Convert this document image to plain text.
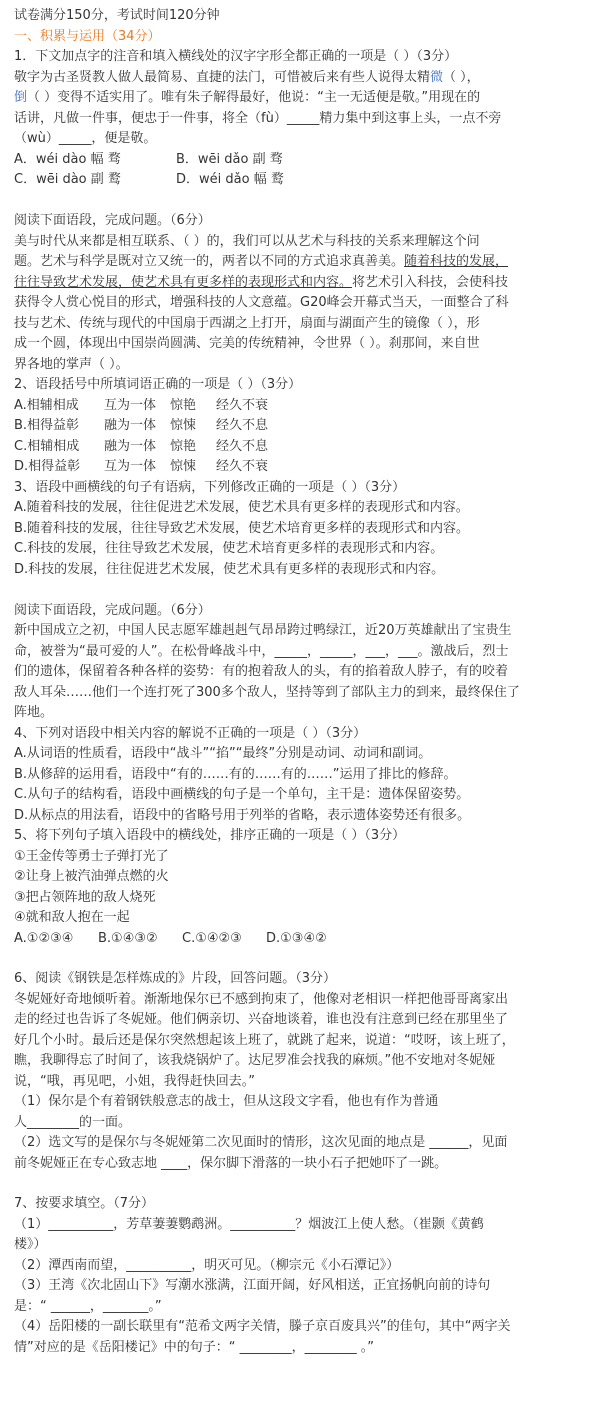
试卷满分150分，考试时间120分钟
一、积累与运用（34分）
1．下文加点字的注音和填入横线处的汉字字形全都正确的一项是（ ）（3分）
敬字为古圣贤教人做人最简易、直捷的法门，可惜被后来有些人说得太精微（ ），
倒（ ）变得不适实用了。唯有朱子解得最好，他说：“主一无适便是敬。”用现在的
话讲，凡做一件事，便忠于一件事，将全（fù）_____精力集中到这事上头，一点不旁
（wù）_____，便是敬。
A．wéi dào 幅 骛	B．wēi dǎo 副 骛
C．wēi dào 副 鹜	D．wéi dǎo 幅 鹜
阅读下面语段，完成问题。（6分）
美与时代从来都是相互联系、（ ）的，我们可以从艺术与科技的关系来理解这个问
题。艺术与科学是既对立又统一的，两者以不同的方式追求真善美。随着科技的发展，
往往导致艺术发展，使艺术具有更多样的表现形式和内容。将艺术引入科技，会使科技
获得令人赏心悦目的形式，增强科技的人文意蕴。G20峰会开幕式当天，一面整合了科
技与艺术、传统与现代的中国扇于西湖之上打开，扇面与湖面产生的镜像（ ），形
成一个圆，体现出中国崇尚圆满、完美的传统精神，令世界（ ）。刹那间，来自世
界各地的掌声（ ）。
2、语段括号中所填词语正确的一项是（ ）（3分）
A.相辅相成 互为一体 惊艳 经久不衰
B.相得益彰 融为一体 惊悚 经久不息
C.相辅相成 融为一体 惊艳 经久不息
D.相得益彰 互为一体 惊悚 经久不衰
3、语段中画横线的句子有语病，下列修改正确的一项是（ ）（3分）
A.随着科技的发展，往往促进艺术发展，使艺术具有更多样的表现形式和内容。
B.随着科技的发展，往往导致艺术发展，使艺术培育更多样的表现形式和内容。
C.科技的发展，往往导致艺术发展，使艺术培育更多样的表现形式和内容。
D.科技的发展，往往促进艺术发展，使艺术具有更多样的表现形式和内容。
阅读下面语段，完成问题。（6分）
新中国成立之初，中国人民志愿军雄赳赳气昂昂跨过鸭绿江，近20万英雄献出了宝贵生
命，被誉为“最可爱的人”。在松骨峰战斗中，_____，_____，___，___。激战后，烈士
们的遗体，保留着各种各样的姿势：有的抱着敌人的头，有的掐着敌人脖子，有的咬着
敌人耳朵……他们一个连打死了300多个敌人，坚持等到了部队主力的到来，最终保住了
阵地。
4、下列对语段中相关内容的解说不正确的一项是（ ）（3分）
A.从词语的性质看，语段中“战斗”“掐”“最终”分别是动词、动词和副词。
B.从修辞的运用看，语段中“有的……有的……有的……”运用了排比的修辞。
C.从句子的结构看，语段中画横线的句子是一个单句，主干是：遗体保留姿势。
D.从标点的用法看，语段中的省略号用于列举的省略，表示遗体姿势还有很多。
5、将下列句子填入语段中的横线处，排序正确的一项是（ ）（3分）
①王金传等勇士子弹打光了
②让身上被汽油弹点燃的火
③把占领阵地的敌人烧死
④就和敌人抱在一起
A.①②③④ B.①④③② C.①④②③ D.①③④②
6、阅读《钢铁是怎样炼成的》片段，回答问题。（3分）
冬妮娅好奇地倾听着。渐渐地保尔已不感到拘束了，他像对老相识一样把他哥哥离家出
走的经过也告诉了冬妮娅。他们俩亲切、兴奋地谈着，谁也没有注意到已经在那里坐了
好几个小时。最后还是保尔突然想起该上班了，就跳了起来，说道：“哎呀，该上班了，
瞧，我聊得忘了时间了，该我烧锅炉了。达尼罗准会找我的麻烦。”他不安地对冬妮娅
说，“哦，再见吧，小姐，我得赶快回去。”
（1）保尔是个有着钢铁般意志的战士，但从这段文字看，他也有作为普通
人________的一面。
（2）选文写的是保尔与冬妮娅第二次见面时的情形，这次见面的地点是 ______，见面
前冬妮娅正在专心致志地 ____，保尔脚下滑落的一块小石子把她吓了一跳。
7、按要求填空。（7分）
（1）__________，芳草萋萋鹦鹉洲。__________？烟波江上使人愁。（崔颢《黄鹤
楼》）
（2）潭西南而望，__________，明灭可见。（柳宗元《小石潭记》）
（3）王湾《次北固山下》写潮水涨满，江面开阔，好风相送，正宜扬帆向前的诗句
是：“ ______，_______。”
（4）岳阳楼的一副长联里有“范希文两字关情，滕子京百废具兴”的佳句，其中“两字关
情”对应的是《岳阳楼记》中的句子：“ ________，________ 。”
